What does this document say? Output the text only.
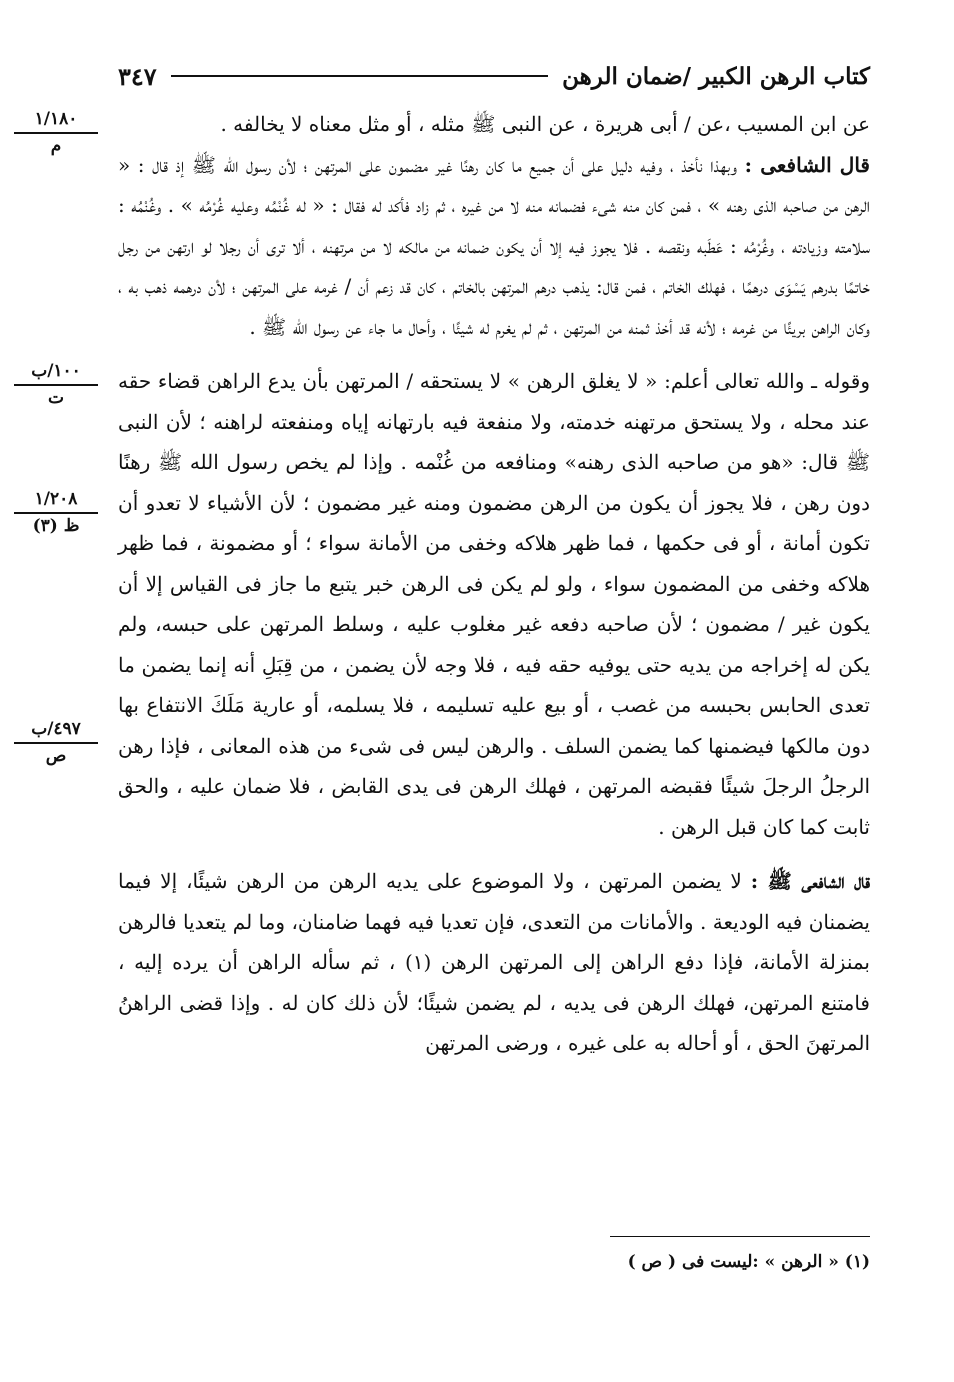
كتاب الرهن الكبير /ضمان الرهن
٣٤٧
١/١٨٠
م
١٠٠/ب
ت
١/٢٠٨
ظ (٣)
٤٩٧/ب
ص

عن ابن المسيب ،عن / أبى هريرة ، عن النبى ﷺ مثله ، أو مثل معناه لا يخالفه .

قال الشافعى : وبهذا نأخذ ، وفيه دليل على أن جميع ما كان رهنًا غير مضمون على المرتهن ؛ لأن رسول الله ﷺ إذ قال : « الرهن من صاحبه الذى رهنه » ، فمن كان منه شىء فضمانه منه لا من غيره ، ثم زاد فأكد له فقال : « له غُنْمُه وعليه غُرْمُه » . وغُنْمُه : سلامته وزيادته ، وغُرْمُه : عَطَبه ونقصه . فلا يجوز فيه إلا أن يكون ضمانه من مالكه لا من مرتهنه ، ألا ترى أن رجلا لو ارتهن من رجل خاتمًا بدرهم يَسْوَى درهمًا ، فهلك الخاتم ، فمن قال: يذهب درهم المرتهن بالخاتم ، كان قد زعم أن / غرمه على المرتهن ؛ لأن درهمه ذهب به ، وكان الراهن بريئًا من غرمه ؛ لأنه قد أخذ ثمنه من المرتهن ، ثم لم يغرم له شيئًا ، وأحال ما جاء عن رسول الله ﷺ .

وقوله ـ والله تعالى أعلم: « لا يغلق الرهن » لا يستحقه / المرتهن بأن يدع الراهن قضاء حقه عند محله ، ولا يستحق مرتهنه خدمته، ولا منفعة فيه بارتهانه إياه ومنفعته لراهنه ؛ لأن النبى ﷺ قال: «هو من صاحبه الذى رهنه» ومنافعه من غُنْمه . وإذا لم يخص رسول الله ﷺ رهنًا دون رهن ، فلا يجوز أن يكون من الرهن مضمون ومنه غير مضمون ؛ لأن الأشياء لا تعدو أن تكون أمانة ، أو فى حكمها ، فما ظهر هلاكه وخفى من الأمانة سواء ؛ أو مضمونة ، فما ظهر هلاكه وخفى من المضمون سواء ، ولو لم يكن فى الرهن خبر يتبع ما جاز فى القياس إلا أن يكون غير / مضمون ؛ لأن صاحبه دفعه غير مغلوب عليه ، وسلط المرتهن على حبسه، ولم يكن له إخراجه من يديه حتى يوفيه حقه فيه ، فلا وجه لأن يضمن ، من قِبَلِ أنه إنما يضمن ما تعدى الحابس بحبسه من غصب ، أو بيع عليه تسليمه ، فلا يسلمه، أو عارية مَلَكَ الانتفاع بها دون مالكها فيضمنها كما يضمن السلف . والرهن ليس فى شىء من هذه المعانى ، فإذا رهن الرجلُ الرجلَ شيئًا فقبضه المرتهن ، فهلك الرهن فى يدى القابض ، فلا ضمان عليه ، والحق ثابت كما كان قبل الرهن .

قال الشافعى ﷺ : لا يضمن المرتهن ، ولا الموضوع على يديه الرهن من الرهن شيئًا، إلا فيما يضمنان فيه الوديعة . والأمانات من التعدى، فإن تعديا فيه فهما ضامنان، وما لم يتعديا فالرهن بمنزلة الأمانة، فإذا دفع الراهن إلى المرتهن الرهن (١) ، ثم سأله الراهن أن يرده إليه ، فامتنع المرتهن، فهلك الرهن فى يديه ، لم يضمن شيئًا؛ لأن ذلك كان له . وإذا قضى الراهنُ المرتهنَ الحق ، أو أحاله به على غيره ، ورضى المرتهن

(١) « الرهن » :ليست فى ( ص )
